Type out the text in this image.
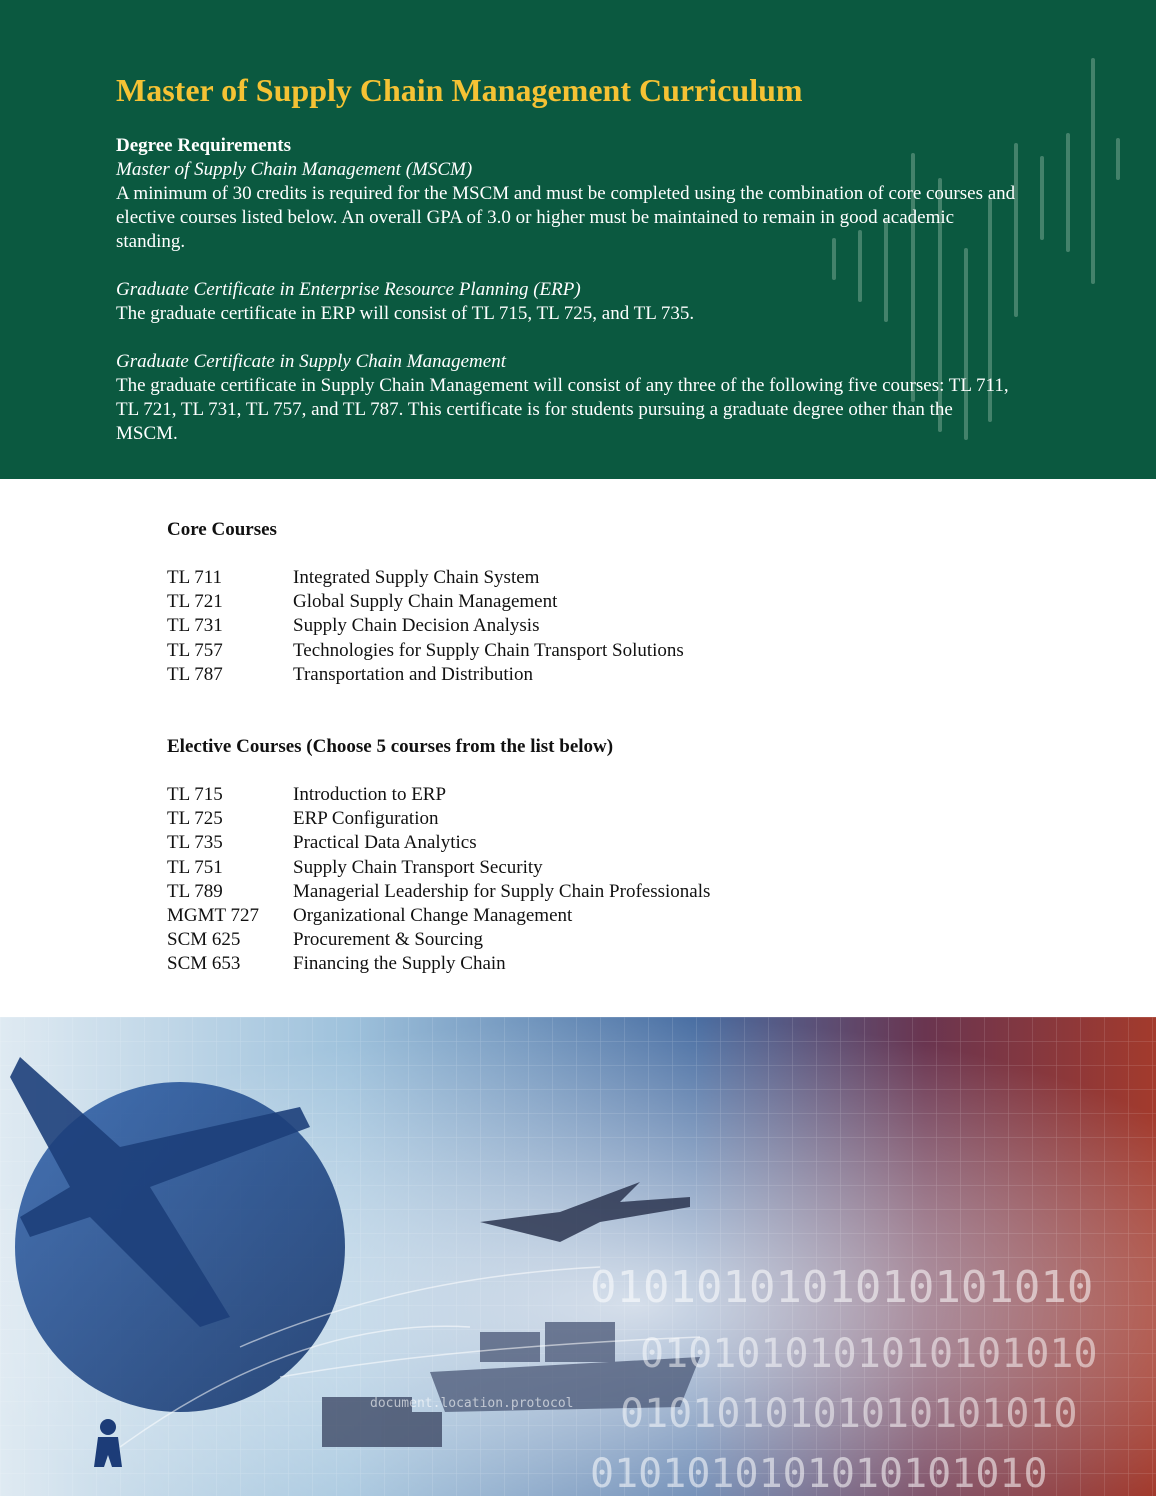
Master of Supply Chain Management Curriculum
Degree Requirements
Master of Supply Chain Management (MSCM)
A minimum of 30 credits is required for the MSCM and must be completed using the combination of core courses and elective courses listed below. An overall GPA of 3.0 or higher must be maintained to remain in good academic standing.
Graduate Certificate in Enterprise Resource Planning (ERP)
The graduate certificate in ERP will consist of TL 715, TL 725, and TL 735.
Graduate Certificate in Supply Chain Management
The graduate certificate in Supply Chain Management will consist of any three of the following five courses: TL 711, TL 721, TL 731, TL 757, and TL 787. This certificate is for students pursuing a graduate degree other than the MSCM.
Core Courses
TL 711	Integrated Supply Chain System
TL 721	Global Supply Chain Management
TL 731	Supply Chain Decision Analysis
TL 757	Technologies for Supply Chain Transport Solutions
TL 787	Transportation and Distribution
Elective Courses (Choose 5 courses from the list below)
TL 715	Introduction to ERP
TL 725	ERP Configuration
TL 735	Practical Data Analytics
TL 751	Supply Chain Transport Security
TL 789	Managerial Leadership for Supply Chain Professionals
MGMT 727	Organizational Change Management
SCM 625	Procurement & Sourcing
SCM 653	Financing the Supply Chain
0101010101010101010
0101010101010101010
0101010101010101010
0101010101010101010
document.location.protocol
